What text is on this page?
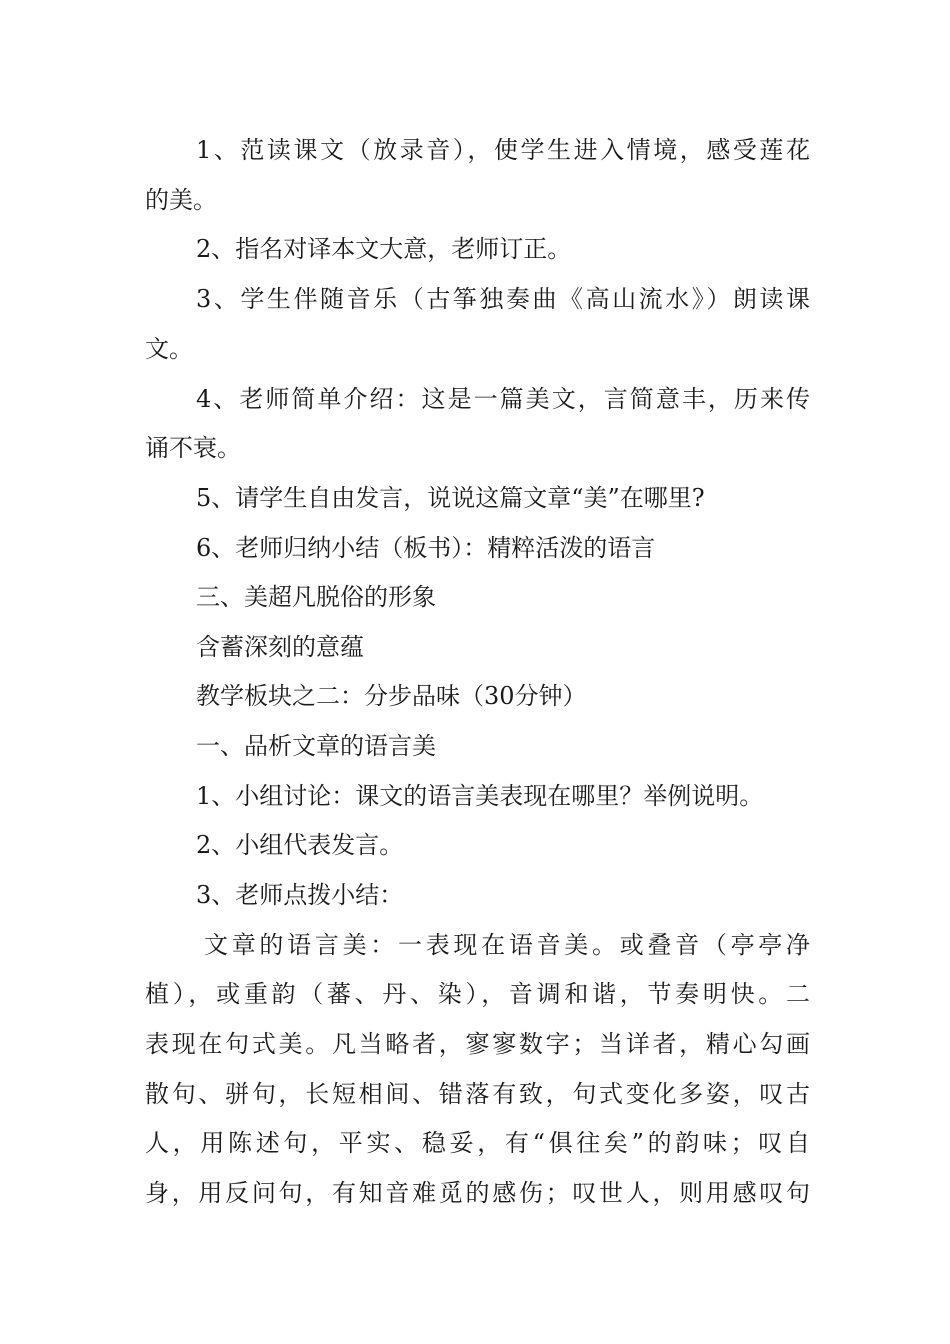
1、范读课文（放录音），使学生进入情境，感受莲花
的美。
2、指名对译本文大意，老师订正。
3、学生伴随音乐（古筝独奏曲《高山流水》）朗读课
文。
4、老师简单介绍：这是一篇美文，言简意丰，历来传
诵不衰。
5、请学生自由发言，说说这篇文章“美”在哪里?
6、老师归纳小结（板书）：精粹活泼的语言
三、美超凡脱俗的形象
含蓄深刻的意蕴
教学板块之二：分步品味（30分钟）
一、品析文章的语言美
1、小组讨论：课文的语言美表现在哪里？举例说明。
2、小组代表发言。
3、老师点拨小结：
文章的语言美：一表现在语音美。或叠音（亭亭净
植），或重韵（蕃、丹、染），音调和谐，节奏明快。二
表现在句式美。凡当略者，寥寥数字；当详者，精心勾画
散句、骈句，长短相间、错落有致，句式变化多姿，叹古
人，用陈述句，平实、稳妥，有“俱往矣”的韵味；叹自
身，用反问句，有知音难觅的感伤；叹世人，则用感叹句
